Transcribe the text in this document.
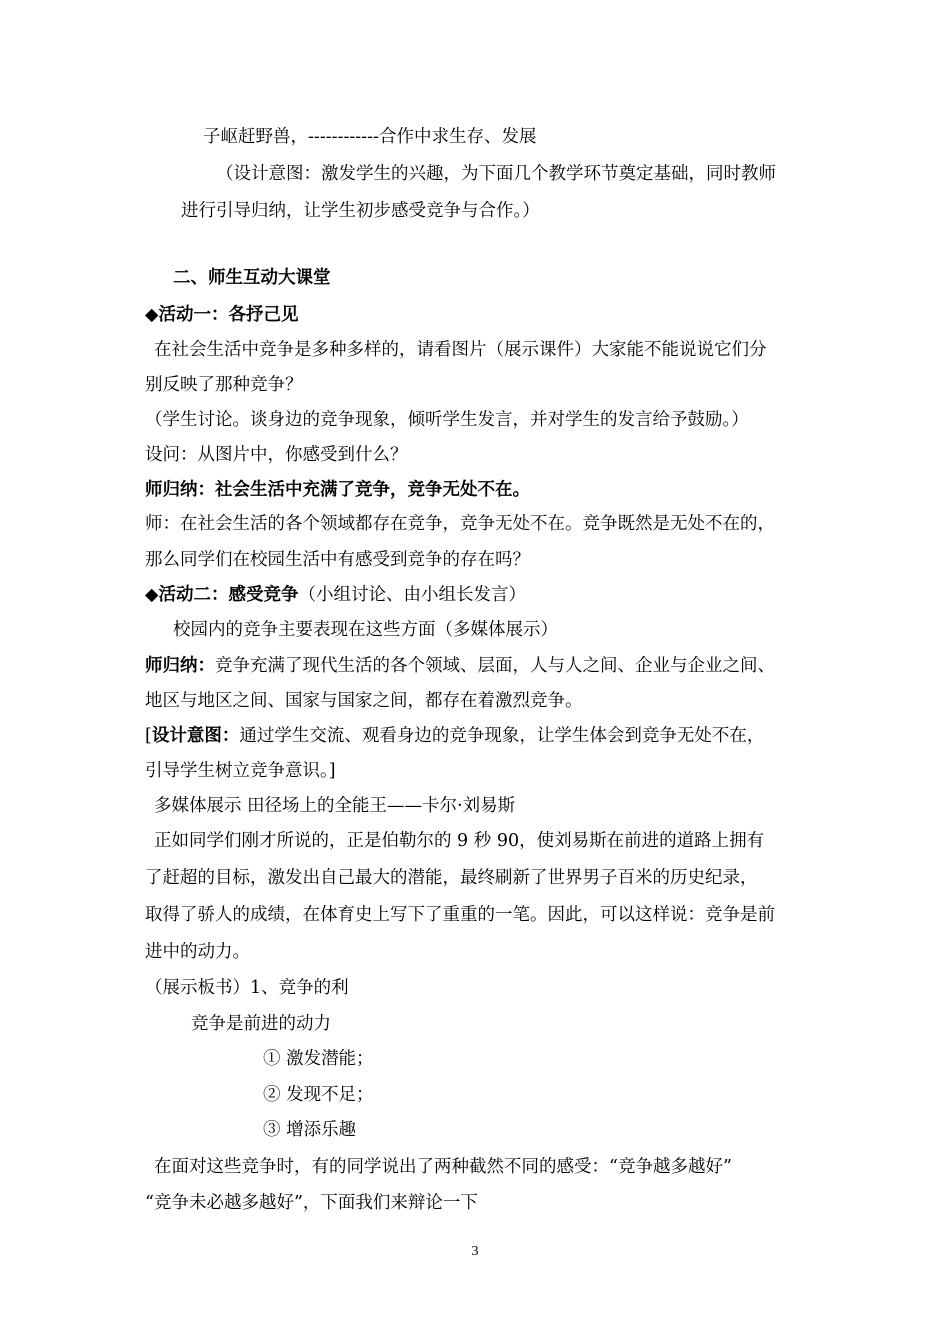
子岖赶野兽，------------合作中求生存、发展
（设计意图：激发学生的兴趣，为下面几个教学环节奠定基础，同时教师
进行引导归纳，让学生初步感受竞争与合作。）
二、师生互动大课堂
◆活动一：各抒己见
在社会生活中竞争是多种多样的，请看图片（展示课件）大家能不能说说它们分
别反映了那种竞争？
（学生讨论。谈身边的竞争现象，倾听学生发言，并对学生的发言给予鼓励。）
设问：从图片中，你感受到什么？
师归纳：社会生活中充满了竞争，竞争无处不在。
师：在社会生活的各个领域都存在竞争，竞争无处不在。竞争既然是无处不在的，
那么同学们在校园生活中有感受到竞争的存在吗？
◆活动二：感受竞争（小组讨论、由小组长发言）
校园内的竞争主要表现在这些方面（多媒体展示）
师归纳：竞争充满了现代生活的各个领域、层面，人与人之间、企业与企业之间、
地区与地区之间、国家与国家之间，都存在着激烈竞争。
[设计意图：通过学生交流、观看身边的竞争现象，让学生体会到竞争无处不在，
引导学生树立竞争意识。]
多媒体展示 田径场上的全能王——卡尔·刘易斯
正如同学们刚才所说的，正是伯勒尔的 9 秒 90，使刘易斯在前进的道路上拥有
了赶超的目标，激发出自己最大的潜能，最终刷新了世界男子百米的历史纪录，
取得了骄人的成绩，在体育史上写下了重重的一笔。因此，可以这样说：竞争是前
进中的动力。
（展示板书）1、竞争的利
竞争是前进的动力
① 激发潜能；
② 发现不足；
③ 增添乐趣
在面对这些竞争时，有的同学说出了两种截然不同的感受：“竞争越多越好”
“竞争未必越多越好”，下面我们来辩论一下
3
